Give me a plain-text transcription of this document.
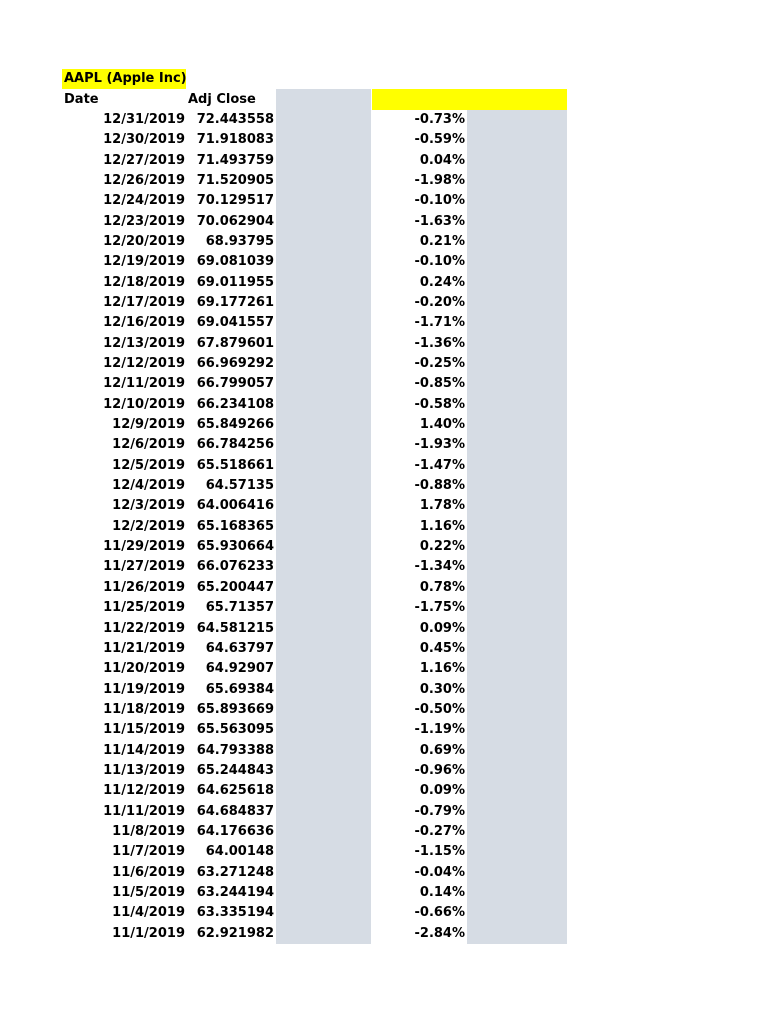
AAPL (Apple Inc)
Date	Adj Close
12/31/2019 72.443558	-0.73%
12/30/2019 71.918083	-0.59%
12/27/2019 71.493759	0.04%
12/26/2019 71.520905	-1.98%
12/24/2019 70.129517	-0.10%
12/23/2019 70.062904	-1.63%
12/20/2019	68.93795	0.21%
12/19/2019 69.081039	-0.10%
12/18/2019 69.011955	0.24%
12/17/2019 69.177261	-0.20%
12/16/2019 69.041557	-1.71%
12/13/2019 67.879601	-1.36%
12/12/2019 66.969292	-0.25%
12/11/2019 66.799057	-0.85%
12/10/2019 66.234108	-0.58%
12/9/2019 65.849266	1.40%
12/6/2019 66.784256	-1.93%
12/5/2019 65.518661	-1.47%
12/4/2019	64.57135	-0.88%
12/3/2019 64.006416	1.78%
12/2/2019 65.168365	1.16%
11/29/2019 65.930664	0.22%
11/27/2019 66.076233	-1.34%
11/26/2019 65.200447	0.78%
11/25/2019	65.71357	-1.75%
11/22/2019 64.581215	0.09%
11/21/2019	64.63797	0.45%
11/20/2019	64.92907	1.16%
11/19/2019	65.69384	0.30%
11/18/2019 65.893669	-0.50%
11/15/2019 65.563095	-1.19%
11/14/2019 64.793388	0.69%
11/13/2019 65.244843	-0.96%
11/12/2019 64.625618	0.09%
11/11/2019 64.684837	-0.79%
11/8/2019 64.176636	-0.27%
11/7/2019	64.00148	-1.15%
11/6/2019 63.271248	-0.04%
11/5/2019 63.244194	0.14%
11/4/2019 63.335194	-0.66%
11/1/2019 62.921982	-2.84%
